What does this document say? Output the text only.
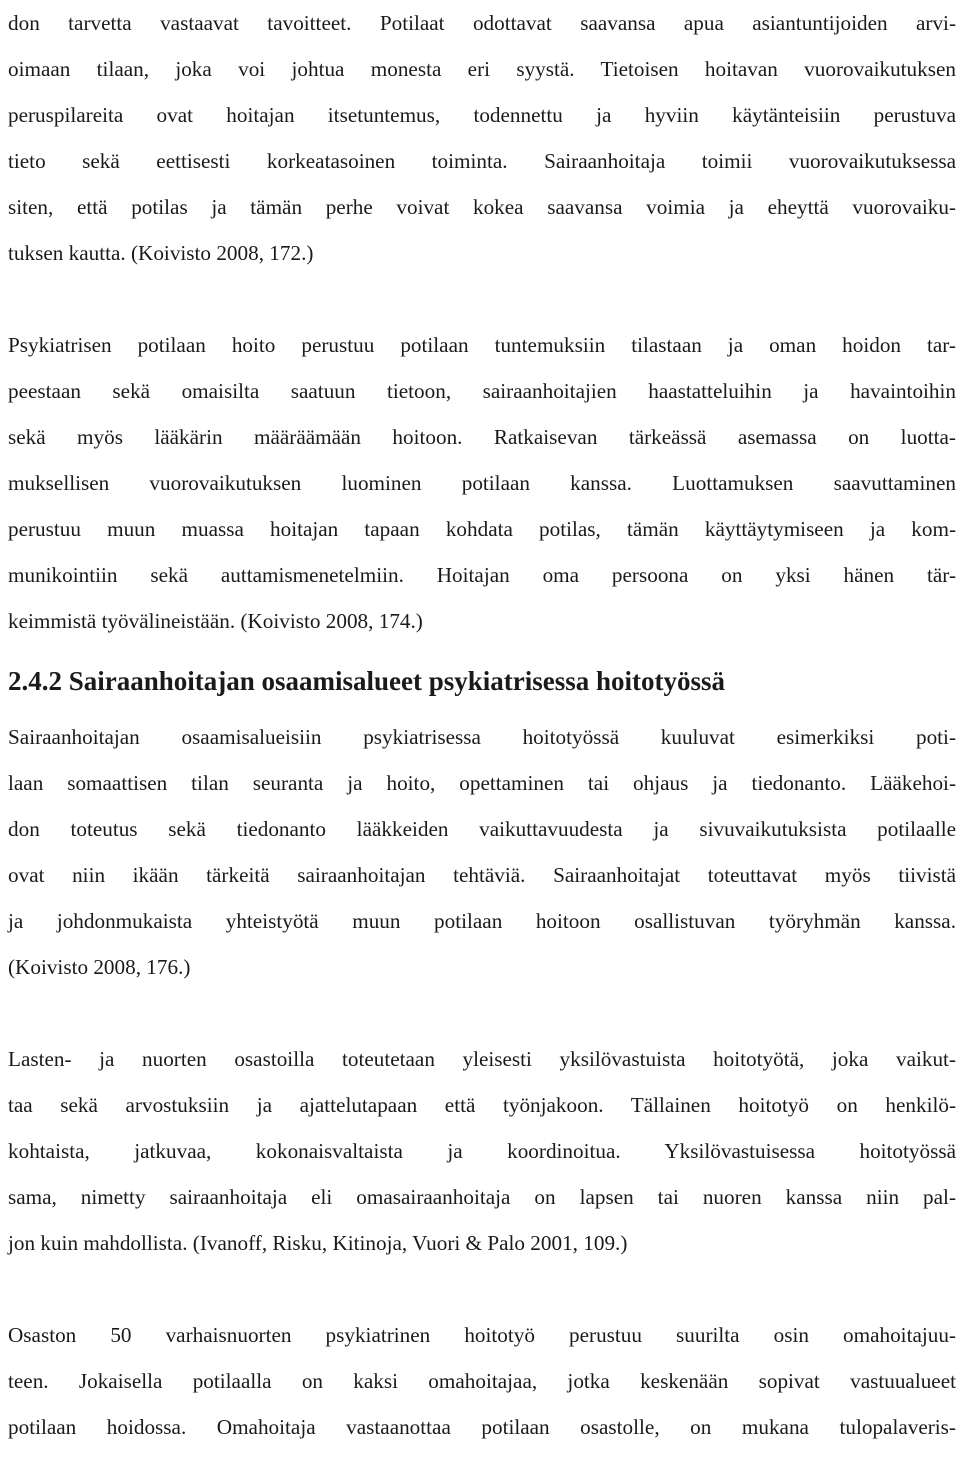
don tarvetta vastaavat tavoitteet. Potilaat odottavat saavansa apua asiantuntijoiden arvi-
oimaan tilaan, joka voi johtua monesta eri syystä. Tietoisen hoitavan vuorovaikutuksen
peruspilareita ovat hoitajan itsetuntemus, todennettu ja hyviin käytänteisiin perustuva
tieto sekä eettisesti korkeatasoinen toiminta. Sairaanhoitaja toimii vuorovaikutuksessa
siten, että potilas ja tämän perhe voivat kokea saavansa voimia ja eheyttä vuorovaiku-
tuksen kautta. (Koivisto 2008, 172.)
Psykiatrisen potilaan hoito perustuu potilaan tuntemuksiin tilastaan ja oman hoidon tar-
peestaan sekä omaisilta saatuun tietoon, sairaanhoitajien haastatteluihin ja havaintoihin
sekä myös lääkärin määräämään hoitoon. Ratkaisevan tärkeässä asemassa on luotta-
muksellisen vuorovaikutuksen luominen potilaan kanssa. Luottamuksen saavuttaminen
perustuu muun muassa hoitajan tapaan kohdata potilas, tämän käyttäytymiseen ja kom-
munikointiin sekä auttamismenetelmiin. Hoitajan oma persoona on yksi hänen tär-
keimmistä työvälineistään. (Koivisto 2008, 174.)
2.4.2 Sairaanhoitajan osaamisalueet psykiatrisessa hoitotyössä
Sairaanhoitajan osaamisalueisiin psykiatrisessa hoitotyössä kuuluvat esimerkiksi poti-
laan somaattisen tilan seuranta ja hoito, opettaminen tai ohjaus ja tiedonanto. Lääkehoi-
don toteutus sekä tiedonanto lääkkeiden vaikuttavuudesta ja sivuvaikutuksista potilaalle
ovat niin ikään tärkeitä sairaanhoitajan tehtäviä. Sairaanhoitajat toteuttavat myös tiivistä
ja johdonmukaista yhteistyötä muun potilaan hoitoon osallistuvan työryhmän kanssa.
(Koivisto 2008, 176.)
Lasten- ja nuorten osastoilla toteutetaan yleisesti yksilövastuista hoitotyötä, joka vaikut-
taa sekä arvostuksiin ja ajattelutapaan että työnjakoon. Tällainen hoitotyö on henkilö-
kohtaista, jatkuvaa, kokonaisvaltaista ja koordinoitua. Yksilövastuisessa hoitotyössä
sama, nimetty sairaanhoitaja eli omasairaanhoitaja on lapsen tai nuoren kanssa niin pal-
jon kuin mahdollista. (Ivanoff, Risku, Kitinoja, Vuori & Palo 2001, 109.)
Osaston 50 varhaisnuorten psykiatrinen hoitotyö perustuu suurilta osin omahoitajuu-
teen. Jokaisella potilaalla on kaksi omahoitajaa, jotka keskenään sopivat vastuualueet
potilaan hoidossa. Omahoitaja vastaanottaa potilaan osastolle, on mukana tulopalaveris-
